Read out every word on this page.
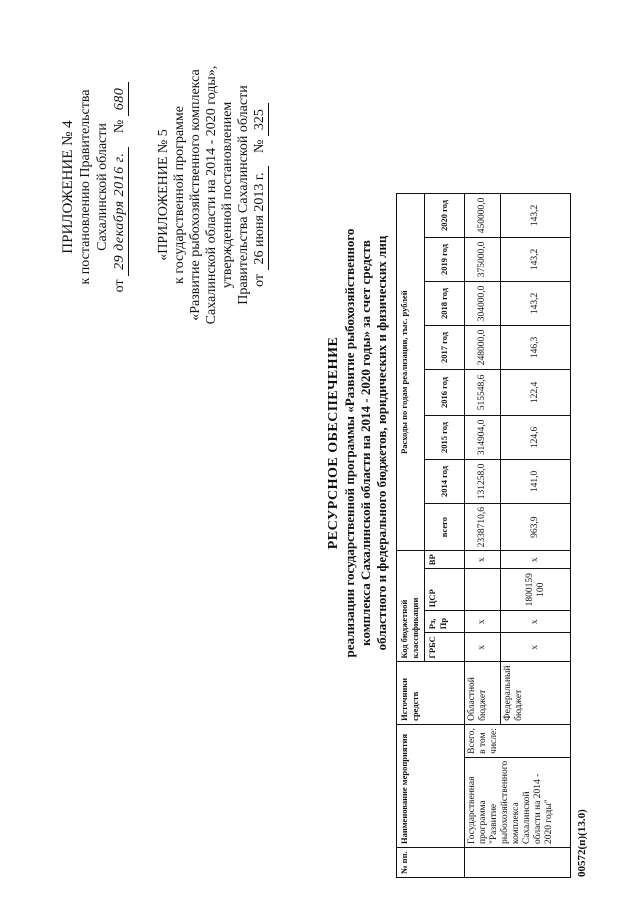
ПРИЛОЖЕНИЕ № 4 к постановлению Правительства Сахалинской области
от 29 декабря 2016 г. № 680
«ПРИЛОЖЕНИЕ № 5 к государственной программе «Развитие рыбохозяйственного комплекса Сахалинской области на 2014 - 2020 годы», утвержденной постановлением Правительства Сахалинской области от 26 июня 2013 г. № 325
РЕСУРСНОЕ ОБЕСПЕЧЕНИЕ реализации государственной программы «Развитие рыбохозяйственного комплекса Сахалинской области на 2014 - 2020 годы» за счет средств областного и федерального бюджетов, юридических и физических лиц
№ пп.	Наименование мероприятия		Источники средств	Код бюджетной классификации				Расходы по годам реализации, тыс. рублей							
				ГРБС	Рз, Пр	ЦСР	ВР	всего	2014 год	2015 год	2016 год	2017 год	2018 год	2019 год	2020 год
	Государственная программа "Развитие рыбохозяйственного комплекса Сахалинской области на 2014 - 2020 годы"	Всего, в том числе:	Областной бюджет	х	х		х	2338710,6	131258,0	314904,0	515548,6	248000,0	304000,0	375000,0	450000,0
			Федеральный бюджет	х	х	1800159 100	х	963,9	141,0	124,6	122,4	146,3	143,2	143,2	143,2
00572(п)(13.0)
